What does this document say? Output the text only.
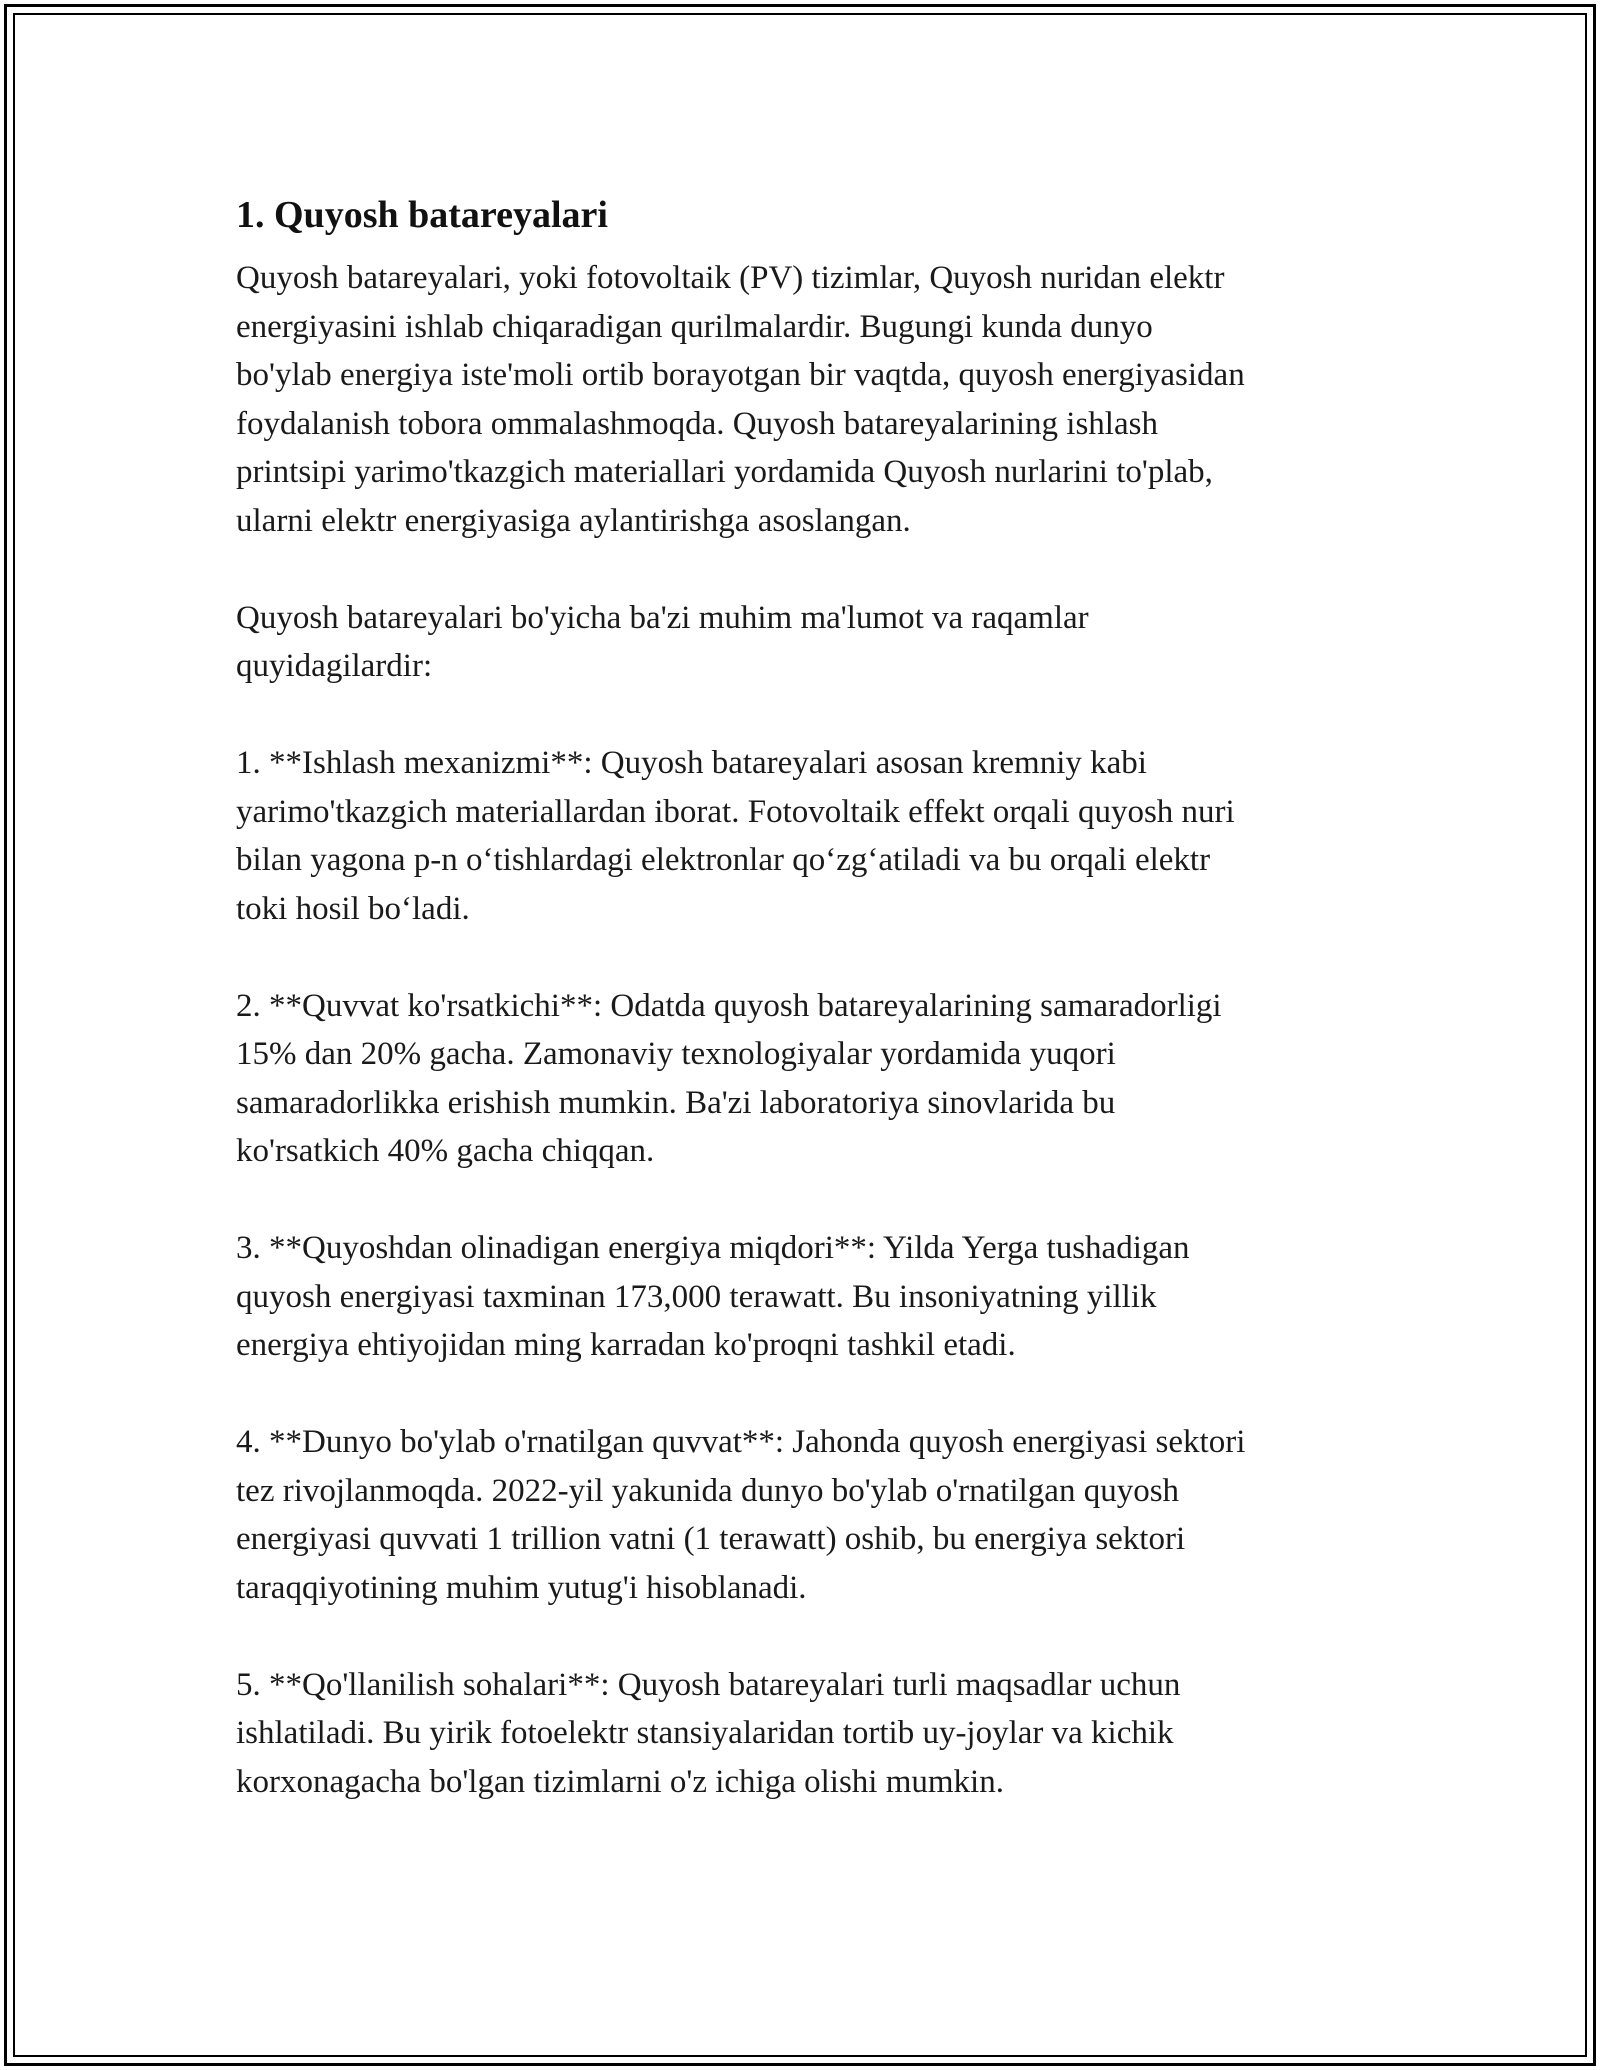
1. Quyosh batareyalari

Quyosh batareyalari, yoki fotovoltaik (PV) tizimlar, Quyosh nuridan elektr
energiyasini ishlab chiqaradigan qurilmalardir. Bugungi kunda dunyo
bo'ylab energiya iste'moli ortib borayotgan bir vaqtda, quyosh energiyasidan
foydalanish tobora ommalashmoqda. Quyosh batareyalarining ishlash
printsipi yarimo'tkazgich materiallari yordamida Quyosh nurlarini to'plab,
ularni elektr energiyasiga aylantirishga asoslangan.

Quyosh batareyalari bo'yicha ba'zi muhim ma'lumot va raqamlar
quyidagilardir:

1. **Ishlash mexanizmi**: Quyosh batareyalari asosan kremniy kabi
yarimo'tkazgich materiallardan iborat. Fotovoltaik effekt orqali quyosh nuri
bilan yagona p-n o‘tishlardagi elektronlar qo‘zg‘atiladi va bu orqali elektr
toki hosil bo‘ladi.

2. **Quvvat ko'rsatkichi**: Odatda quyosh batareyalarining samaradorligi
15% dan 20% gacha. Zamonaviy texnologiyalar yordamida yuqori
samaradorlikka erishish mumkin. Ba'zi laboratoriya sinovlarida bu
ko'rsatkich 40% gacha chiqqan.

3. **Quyoshdan olinadigan energiya miqdori**: Yilda Yerga tushadigan
quyosh energiyasi taxminan 173,000 terawatt. Bu insoniyatning yillik
energiya ehtiyojidan ming karradan ko'proqni tashkil etadi.

4. **Dunyo bo'ylab o'rnatilgan quvvat**: Jahonda quyosh energiyasi sektori
tez rivojlanmoqda. 2022-yil yakunida dunyo bo'ylab o'rnatilgan quyosh
energiyasi quvvati 1 trillion vatni (1 terawatt) oshib, bu energiya sektori
taraqqiyotining muhim yutug'i hisoblanadi.

5. **Qo'llanilish sohalari**: Quyosh batareyalari turli maqsadlar uchun
ishlatiladi. Bu yirik fotoelektr stansiyalaridan tortib uy-joylar va kichik
korxonagacha bo'lgan tizimlarni o'z ichiga olishi mumkin.
